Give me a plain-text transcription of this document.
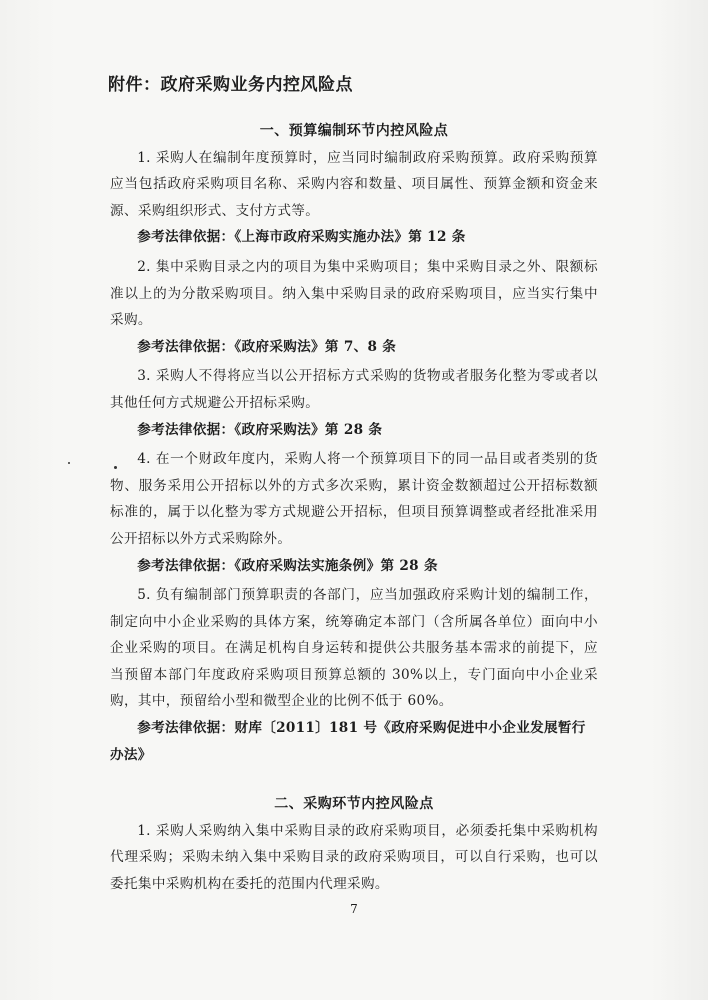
附件：政府采购业务内控风险点

一、预算编制环节内控风险点

1. 采购人在编制年度预算时，应当同时编制政府采购预算。政府采购预算应当包括政府采购项目名称、采购内容和数量、项目属性、预算金额和资金来源、采购组织形式、支付方式等。

参考法律依据：《上海市政府采购实施办法》第 12 条

2. 集中采购目录之内的项目为集中采购项目；集中采购目录之外、限额标准以上的为分散采购项目。纳入集中采购目录的政府采购项目，应当实行集中采购。

参考法律依据：《政府采购法》第 7、8 条

3. 采购人不得将应当以公开招标方式采购的货物或者服务化整为零或者以其他任何方式规避公开招标采购。

参考法律依据：《政府采购法》第 28 条

4. 在一个财政年度内，采购人将一个预算项目下的同一品目或者类别的货物、服务采用公开招标以外的方式多次采购，累计资金数额超过公开招标数额标准的，属于以化整为零方式规避公开招标，但项目预算调整或者经批准采用公开招标以外方式采购除外。

参考法律依据：《政府采购法实施条例》第 28 条

5. 负有编制部门预算职责的各部门，应当加强政府采购计划的编制工作，制定向中小企业采购的具体方案，统筹确定本部门（含所属各单位）面向中小企业采购的项目。在满足机构自身运转和提供公共服务基本需求的前提下，应当预留本部门年度政府采购项目预算总额的 30%以上，专门面向中小企业采购，其中，预留给小型和微型企业的比例不低于 60%。

参考法律依据：财库〔2011〕181 号《政府采购促进中小企业发展暂行办法》

二、采购环节内控风险点

1. 采购人采购纳入集中采购目录的政府采购项目，必须委托集中采购机构代理采购；采购未纳入集中采购目录的政府采购项目，可以自行采购，也可以委托集中采购机构在委托的范围内代理采购。

7
